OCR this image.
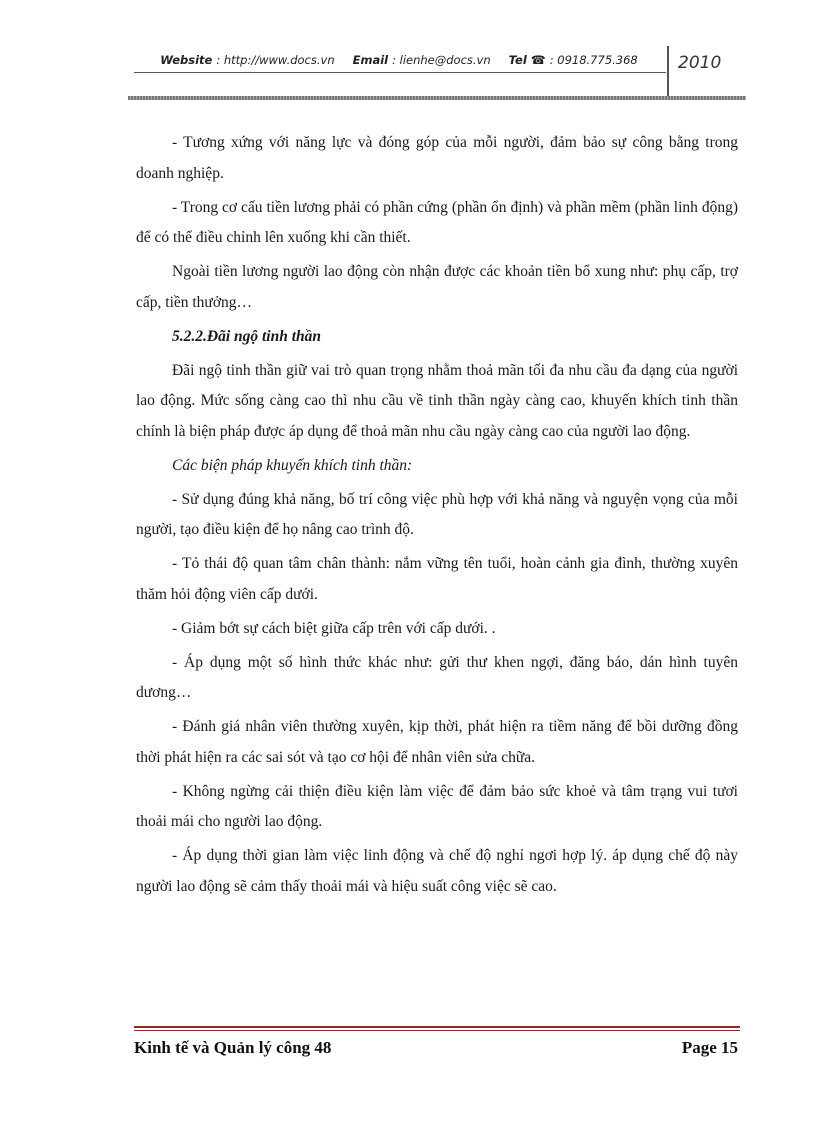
Website : http://www.docs.vn Email : lienhe@docs.vn Tel ☎ : 0918.775.368 2010

- Tương xứng với năng lực và đóng góp của mỗi người, đảm bảo sự công bằng trong doanh nghiệp.

- Trong cơ cấu tiền lương phải có phần cứng (phần ổn định) và phần mềm (phần linh động) để có thể điều chỉnh lên xuống khi cần thiết.

Ngoài tiền lương người lao động còn nhận được các khoản tiền bổ xung như: phụ cấp, trợ cấp, tiền thưởng…

5.2.2.Đãi ngộ tinh thần

Đãi ngộ tinh thần giữ vai trò quan trọng nhằm thoả mãn tối đa nhu cầu đa dạng của người lao động. Mức sống càng cao thì nhu cầu về tinh thần ngày càng cao, khuyến khích tinh thần chính là biện pháp được áp dụng để thoả mãn nhu cầu ngày càng cao của người lao động.

Các biện pháp khuyến khích tinh thần:

- Sử dụng đúng khả năng, bố trí công việc phù hợp với khả năng và nguyện vọng của mỗi người, tạo điều kiện để họ nâng cao trình độ.

- Tỏ thái độ quan tâm chân thành: nắm vững tên tuổi, hoàn cảnh gia đình, thường xuyên thăm hỏi động viên cấp dưới.

- Giảm bớt sự cách biệt giữa cấp trên với cấp dưới. .

- Áp dụng một số hình thức khác như: gửi thư khen ngợi, đăng báo, dán hình tuyên dương…

- Đánh giá nhân viên thường xuyên, kịp thời, phát hiện ra tiềm năng để bồi dưỡng đồng thời phát hiện ra các sai sót và tạo cơ hội để nhân viên sửa chữa.

- Không ngừng cải thiện điều kiện làm việc để đảm bảo sức khoẻ và tâm trạng vui tươi thoải mái cho người lao động.

- Áp dụng thời gian làm việc linh động và chế độ nghỉ ngơi hợp lý. áp dụng chế độ này người lao động sẽ cảm thấy thoải mái và hiệu suất công việc sẽ cao.

Kinh tế và Quản lý công 48	Page 15
